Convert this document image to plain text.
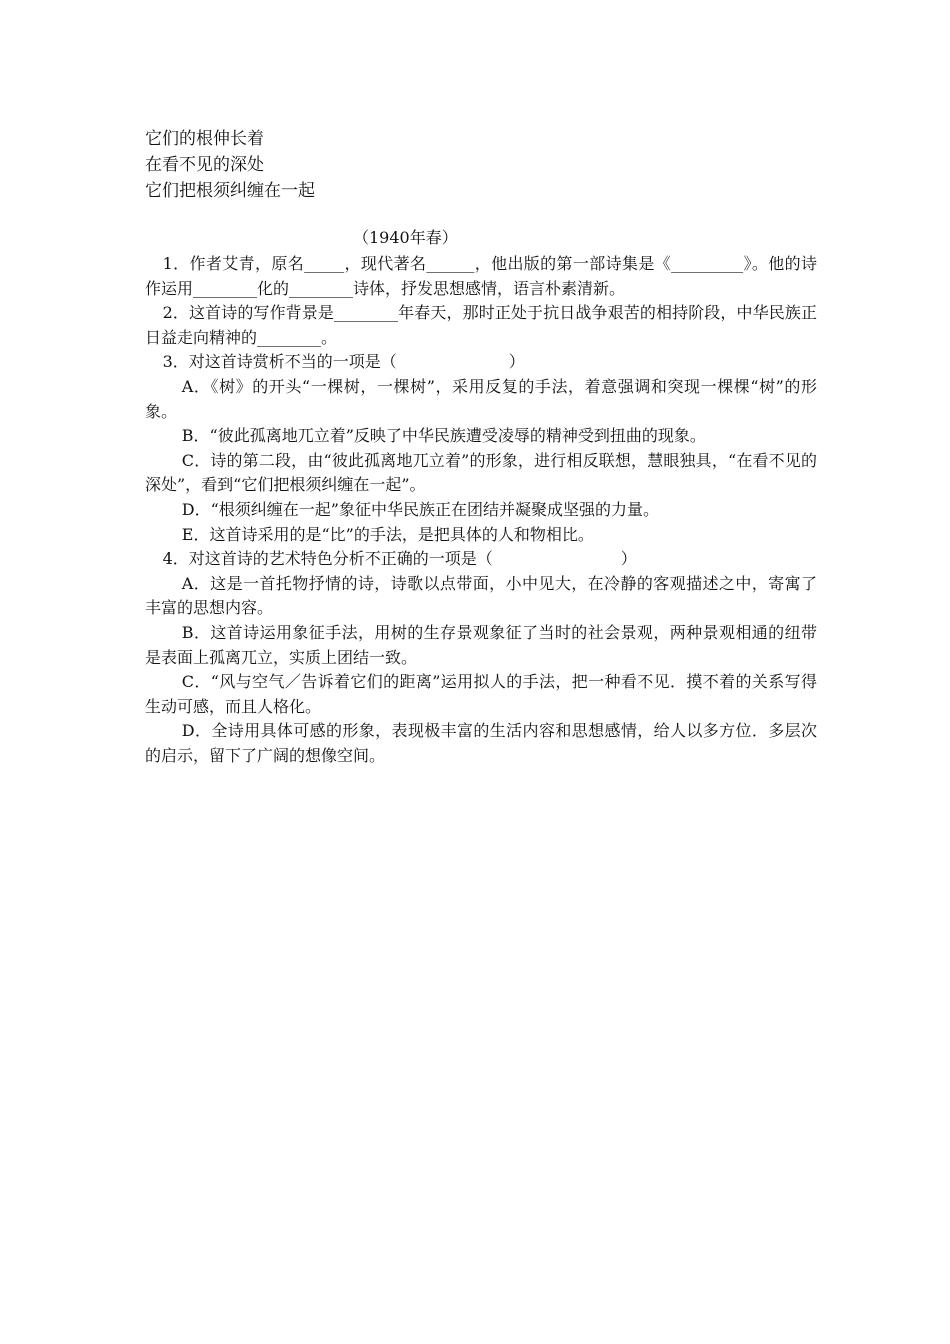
它们的根伸长着
在看不见的深处
它们把根须纠缠在一起
（1940年春）

1．作者艾青，原名_____，现代著名______，他出版的第一部诗集是《_________》。他的诗作运用________化的________诗体，抒发思想感情，语言朴素清新。

2．这首诗的写作背景是________年春天，那时正处于抗日战争艰苦的相持阶段，中华民族正日益走向精神的________。

3．对这首诗赏析不当的一项是（　　　　　　　）

A．《树》的开头“一棵树，一棵树”，采用反复的手法，着意强调和突现一棵棵“树”的形象。

B．“彼此孤离地兀立着”反映了中华民族遭受凌辱的精神受到扭曲的现象。

C．诗的第二段，由“彼此孤离地兀立着”的形象，进行相反联想，慧眼独具，“在看不见的深处”，看到“它们把根须纠缠在一起”。

D．“根须纠缠在一起”象征中华民族正在团结并凝聚成坚强的力量。

E．这首诗采用的是“比”的手法，是把具体的人和物相比。

4．对这首诗的艺术特色分析不正确的一项是（　　　　　　　　）

A．这是一首托物抒情的诗，诗歌以点带面，小中见大，在冷静的客观描述之中，寄寓了丰富的思想内容。

B．这首诗运用象征手法，用树的生存景观象征了当时的社会景观，两种景观相通的纽带是表面上孤离兀立，实质上团结一致。

C．“风与空气／告诉着它们的距离”运用拟人的手法，把一种看不见．摸不着的关系写得生动可感，而且人格化。

D．全诗用具体可感的形象，表现极丰富的生活内容和思想感情，给人以多方位．多层次的启示，留下了广阔的想像空间。
